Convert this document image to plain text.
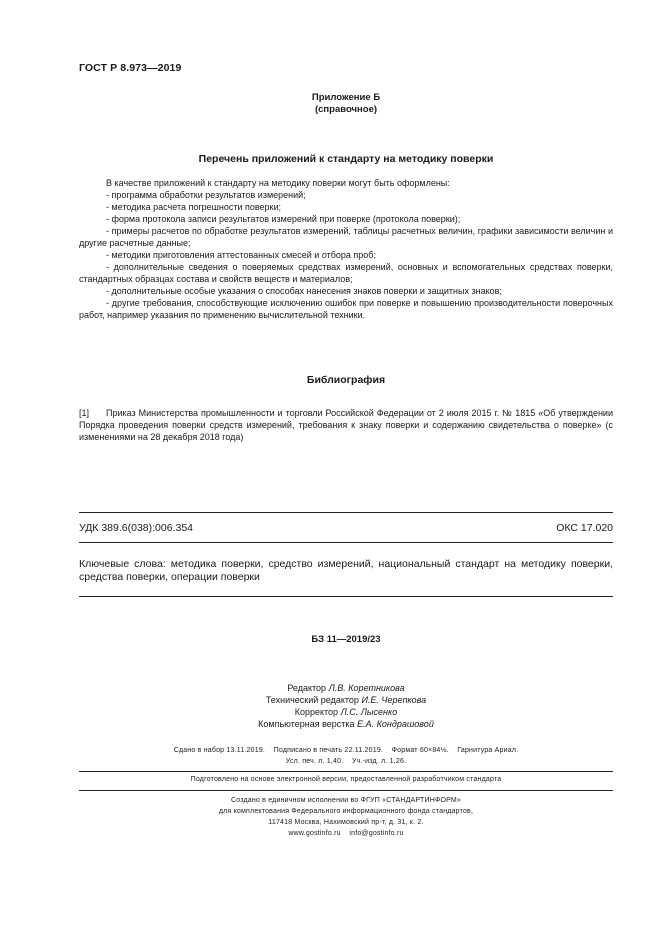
ГОСТ Р 8.973—2019
Приложение Б
(справочное)
Перечень приложений к стандарту на методику поверки

В качестве приложений к стандарту на методику поверки могут быть оформлены:

- программа обработки результатов измерений;

- методика расчета погрешности поверки;

- форма протокола записи результатов измерений при поверке (протокола поверки);

- примеры расчетов по обработке результатов измерений, таблицы расчетных величин, графики зависимости величин и другие расчетные данные;

- методики приготовления аттестованных смесей и отбора проб;

- дополнительные сведения о поверяемых средствах измерений, основных и вспомогательных средствах поверки, стандартных образцах состава и свойств веществ и материалов;

- дополнительные особые указания о способах нанесения знаков поверки и защитных знаков;

- другие требования, способствующие исключению ошибок при поверке и повышению производительности поверочных работ, например указания по применению вычислительной техники.

Библиография
[1]	Приказ Министерства промышленности и торговли Российской Федерации от 2 июля 2015 г. № 1815 «Об утверждении Порядка проведения поверки средств измерений, требования к знаку поверки и содержанию свидетельства о поверке» (с изменениями на 28 декабря 2018 года)
УДК 389.6(038):006.354	ОКС 17.020

Ключевые слова: методика поверки, средство измерений, национальный стандарт на методику поверки, средства поверки, операции поверки

БЗ 11—2019/23
Редактор Л.В. Коретникова
Технический редактор И.Е. Черепкова
Корректор Л.С. Лысенко
Компьютерная верстка Е.А. Кондрашовой
Сдано в набор 13.11.2019.    Подписано в печать 22.11.2019.    Формат 60×84⅛.    Гарнитура Ариал.
Усл. печ. л. 1,40.    Уч.-изд. л. 1,26.
Подготовлено на основе электронной версии, предоставленной разработчиком стандарта
Создано в единичном исполнении во ФГУП «СТАНДАРТИНФОРМ»
для комплектования Федерального информационного фонда стандартов,
117418 Москва, Нахимовский пр-т, д. 31, к. 2.
www.gostinfo.ru    info@gostinfo.ru
